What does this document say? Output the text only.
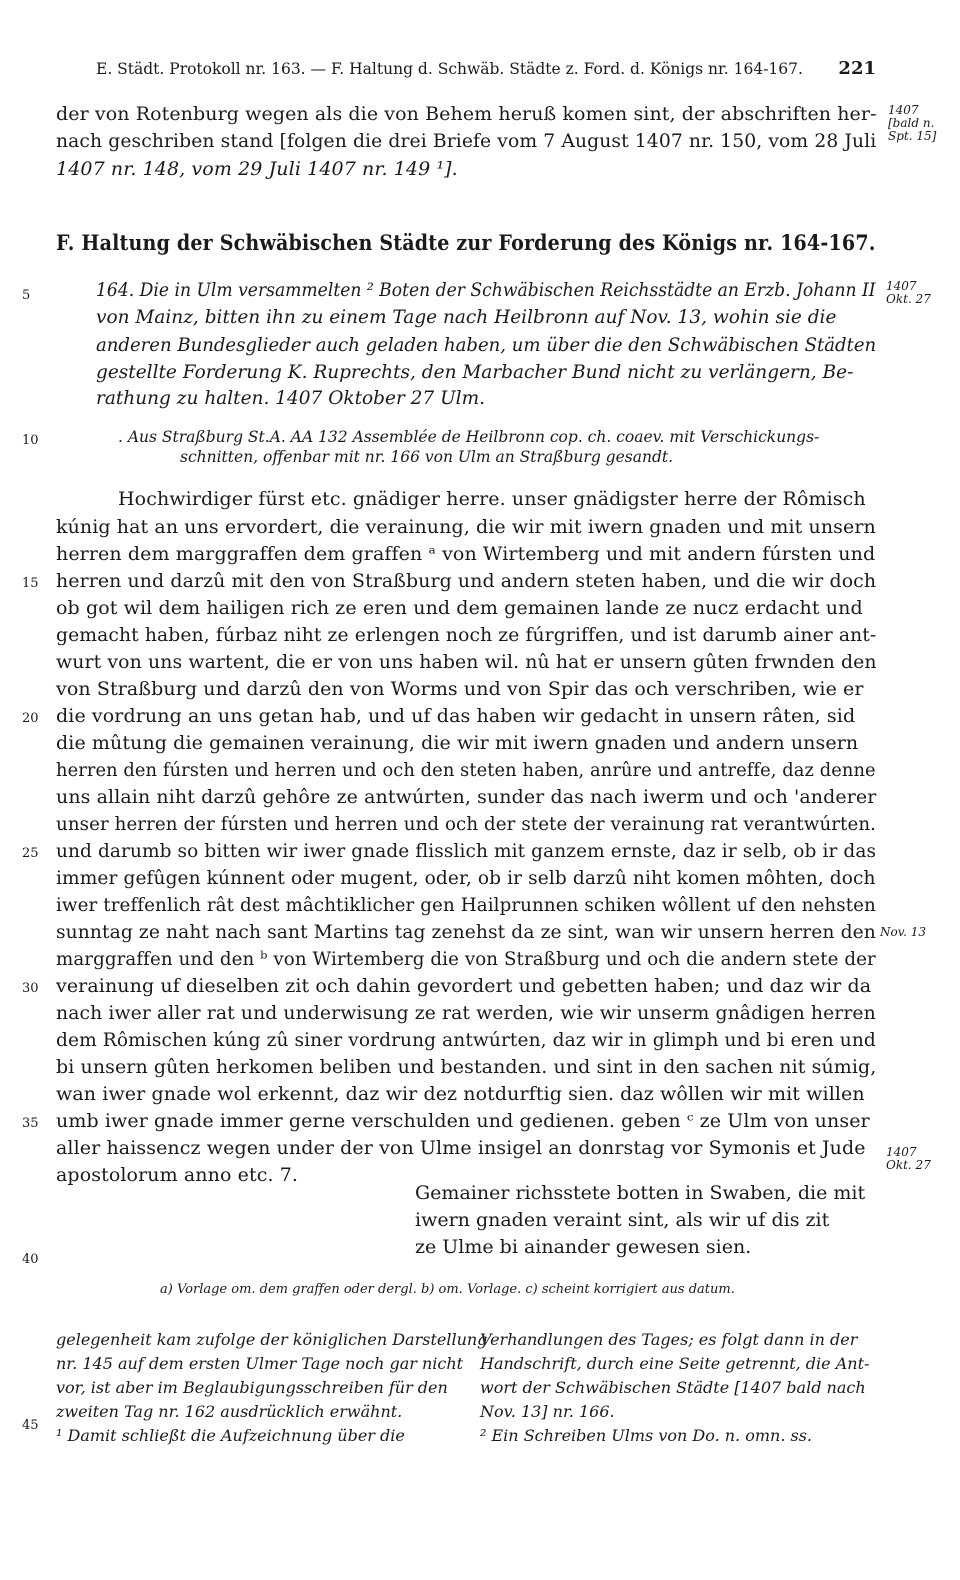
E. Städt. Protokoll nr. 163. — F. Haltung d. Schwäb. Städte z. Ford. d. Königs nr. 164-167. 221
der von Rotenburg wegen als die von Behem heruß komen sint, der abschriften her-
nach geschriben stand [folgen die drei Briefe vom 7 August 1407 nr. 150, vom 28 Juli
1407 nr. 148, vom 29 Juli 1407 nr. 149 ¹].
F. Haltung der Schwäbischen Städte zur Forderung des Königs nr. 164-167.
164. Die in Ulm versammelten ² Boten der Schwäbischen Reichsstädte an Erzb. Johann II
von Mainz, bitten ihn zu einem Tage nach Heilbronn auf Nov. 13, wohin sie die
anderen Bundesglieder auch geladen haben, um über die den Schwäbischen Städten
gestellte Forderung K. Ruprechts, den Marbacher Bund nicht zu verlängern, Be-
rathung zu halten. 1407 Oktober 27 Ulm.
. Aus Straßburg St.A. AA 132 Assemblée de Heilbronn cop. ch. coaev. mit Verschickungs-
schnitten, offenbar mit nr. 166 von Ulm an Straßburg gesandt.
Hochwirdiger fürst etc. gnädiger herre. unser gnädigster herre der Rômisch
kúnig hat an uns ervordert, die verainung, die wir mit iwern gnaden und mit unsern
herren dem marggraffen dem graffen ᵃ von Wirtemberg und mit andern fúrsten und
herren und darzû mit den von Straßburg und andern steten haben, und die wir doch
ob got wil dem hailigen rich ze eren und dem gemainen lande ze nucz erdacht und
gemacht haben, fúrbaz niht ze erlengen noch ze fúrgriffen, und ist darumb ainer ant-
wurt von uns wartent, die er von uns haben wil. nû hat er unsern gûten frwnden den
von Straßburg und darzû den von Worms und von Spir das och verschriben, wie er
die vordrung an uns getan hab, und uf das haben wir gedacht in unsern râten, sid
die mûtung die gemainen verainung, die wir mit iwern gnaden und andern unsern
herren den fúrsten und herren und och den steten haben, anrûre und antreffe, daz denne
uns allain niht darzû gehôre ze antwúrten, sunder das nach iwerm und och 'anderer
unser herren der fúrsten und herren und och der stete der verainung rat verantwúrten.
und darumb so bitten wir iwer gnade flisslich mit ganzem ernste, daz ir selb, ob ir das
immer gefûgen kúnnent oder mugent, oder, ob ir selb darzû niht komen môhten, doch
iwer treffenlich rât dest mâchtiklicher gen Hailprunnen schiken wôllent uf den nehsten
sunntag ze naht nach sant Martins tag zenehst da ze sint, wan wir unsern herren den
marggraffen und den ᵇ von Wirtemberg die von Straßburg und och die andern stete der
verainung uf dieselben zit och dahin gevordert und gebetten haben; und daz wir da
nach iwer aller rat und underwisung ze rat werden, wie wir unserm gnâdigen herren
dem Rômischen kúng zû siner vordrung antwúrten, daz wir in glimph und bi eren und
bi unsern gûten herkomen beliben und bestanden. und sint in den sachen nit súmig,
wan iwer gnade wol erkennt, daz wir dez notdurftig sien. daz wôllen wir mit willen
umb iwer gnade immer gerne verschulden und gedienen. geben ᶜ ze Ulm von unser
aller haissencz wegen under der von Ulme insigel an donrstag vor Symonis et Jude
apostolorum anno etc. 7.
Gemainer richsstete botten in Swaben, die mit
iwern gnaden veraint sint, als wir uf dis zit
ze Ulme bi ainander gewesen sien.
a) Vorlage om. dem graffen oder dergl. b) om. Vorlage. c) scheint korrigiert aus datum.
gelegenheit kam zufolge der königlichen Darstellung
nr. 145 auf dem ersten Ulmer Tage noch gar nicht
vor, ist aber im Beglaubigungsschreiben für den
zweiten Tag nr. 162 ausdrücklich erwähnt.
¹ Damit schließt die Aufzeichnung über die
Verhandlungen des Tages; es folgt dann in der
Handschrift, durch eine Seite getrennt, die Ant-
wort der Schwäbischen Städte [1407 bald nach
Nov. 13] nr. 166.
² Ein Schreiben Ulms von Do. n. omn. ss.
5
10
15
20
25
30
35
40
45
1407
[bald n.
Spt. 15]
1407
Okt. 27
Nov. 13
1407
Okt. 27
